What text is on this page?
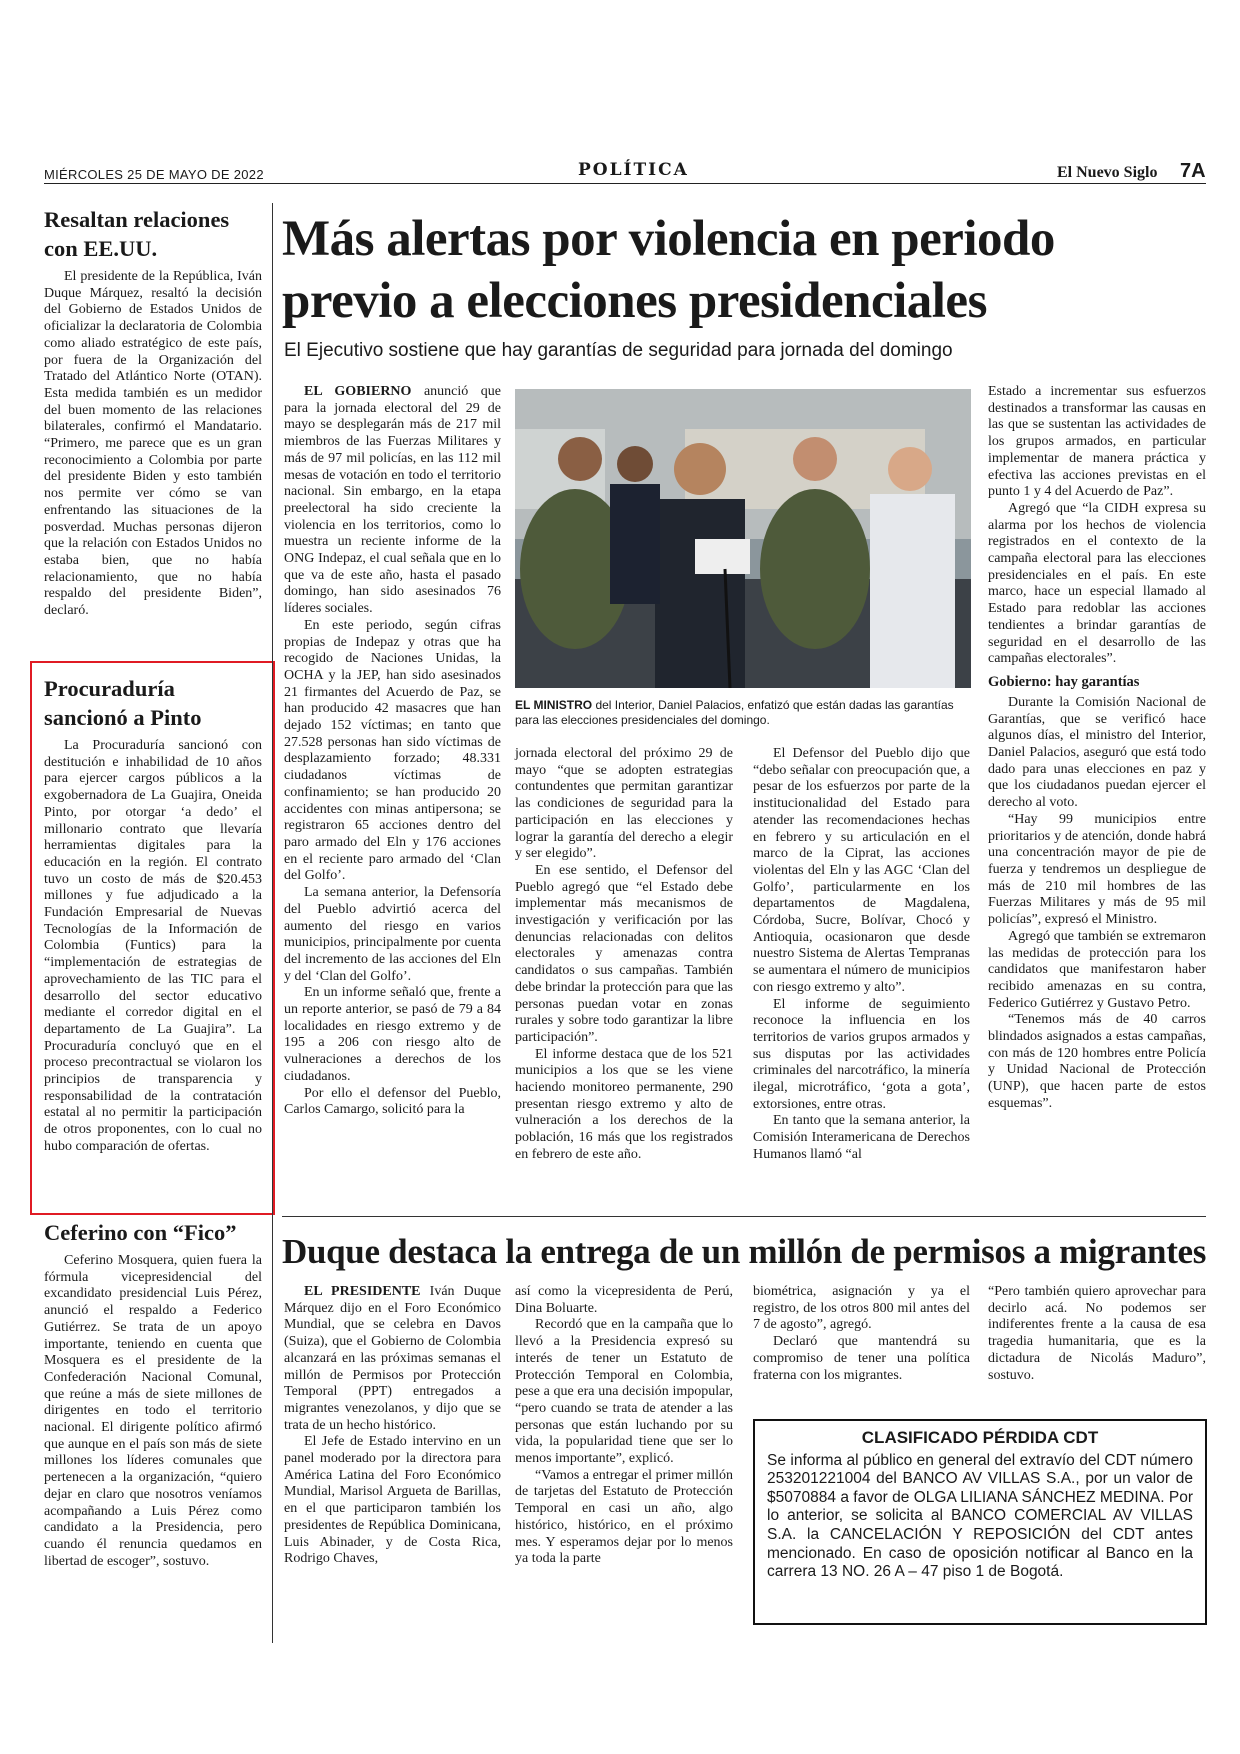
MIÉRCOLES 25 DE MAYO DE 2022	POLÍTICA	El Nuevo Siglo 7A
Resaltan relaciones
con EE.UU.

El presidente de la República, Iván Duque Márquez, resaltó la decisión del Gobierno de Estados Unidos de oficializar la declaratoria de Colombia como aliado estratégico de este país, por fuera de la Organización del Tratado del Atlántico Norte (OTAN). Esta medida también es un medidor del buen momento de las relaciones bilaterales, confirmó el Mandatario. “Primero, me parece que es un gran reconocimiento a Colombia por parte del presidente Biden y esto también nos permite ver cómo se van enfrentando las situaciones de la posverdad. Muchas personas dijeron que la relación con Estados Unidos no estaba bien, que no había relacionamiento, que no había respaldo del presidente Biden”, declaró.

Procuraduría
sancionó a Pinto

La Procuraduría sancionó con destitución e inhabilidad de 10 años para ejercer cargos públicos a la exgobernadora de La Guajira, Oneida Pinto, por otorgar ‘a dedo’ el millonario contrato que llevaría herramientas digitales para la educación en la región. El contrato tuvo un costo de más de $20.453 millones y fue adjudicado a la Fundación Empresarial de Nuevas Tecnologías de la Información de Colombia (Funtics) para la “implementación de estrategias de aprovechamiento de las TIC para el desarrollo del sector educativo mediante el corredor digital en el departamento de La Guajira”. La Procuraduría concluyó que en el proceso precontractual se violaron los principios de transparencia y responsabilidad de la contratación estatal al no permitir la participación de otros proponentes, con lo cual no hubo comparación de ofertas.

Ceferino con “Fico”

Ceferino Mosquera, quien fuera la fórmula vicepresidencial del excandidato presidencial Luis Pérez, anunció el respaldo a Federico Gutiérrez. Se trata de un apoyo importante, teniendo en cuenta que Mosquera es el presidente de la Confederación Nacional Comunal, que reúne a más de siete millones de dirigentes en todo el territorio nacional. El dirigente político afirmó que aunque en el país son más de siete millones los líderes comunales que pertenecen a la organización, “quiero dejar en claro que nosotros veníamos acompañando a Luis Pérez como candidato a la Presidencia, pero cuando él renuncia quedamos en libertad de escoger”, sostuvo.

Más alertas por violencia en periodo
previo a elecciones presidenciales
El Ejecutivo sostiene que hay garantías de seguridad para jornada del domingo

EL GOBIERNO anunció que para la jornada electoral del 29 de mayo se desplegarán más de 217 mil miembros de las Fuerzas Militares y más de 97 mil policías, en las 112 mil mesas de votación en todo el territorio nacional. Sin embargo, en la etapa preelectoral ha sido creciente la violencia en los territorios, como lo muestra un reciente informe de la ONG Indepaz, el cual señala que en lo que va de este año, hasta el pasado domingo, han sido asesinados 76 líderes sociales.

En este periodo, según cifras propias de Indepaz y otras que ha recogido de Naciones Unidas, la OCHA y la JEP, han sido asesinados 21 firmantes del Acuerdo de Paz, se han producido 42 masacres que han dejado 152 víctimas; en tanto que 27.528 personas han sido víctimas de desplazamiento forzado; 48.331 ciudadanos víctimas de confinamiento; se han producido 20 accidentes con minas antipersona; se registraron 65 acciones dentro del paro armado del Eln y 176 acciones en el reciente paro armado del ‘Clan del Golfo’.

La semana anterior, la Defensoría del Pueblo advirtió acerca del aumento del riesgo en varios municipios, principalmente por cuenta del incremento de las acciones del Eln y del ‘Clan del Golfo’.

En un informe señaló que, frente a un reporte anterior, se pasó de 79 a 84 localidades en riesgo extremo y de 195 a 206 con riesgo alto de vulneraciones a derechos de los ciudadanos.

Por ello el defensor del Pueblo, Carlos Camargo, solicitó para la

EL MINISTRO del Interior, Daniel Palacios, enfatizó que están dadas las garantías para las elecciones presidenciales del domingo.

jornada electoral del próximo 29 de mayo “que se adopten estrategias contundentes que permitan garantizar las condiciones de seguridad para la participación en las elecciones y lograr la garantía del derecho a elegir y ser elegido”.

En ese sentido, el Defensor del Pueblo agregó que “el Estado debe implementar más mecanismos de investigación y verificación por las denuncias relacionadas con delitos electorales y amenazas contra candidatos o sus campañas. También debe brindar la protección para que las personas puedan votar en zonas rurales y sobre todo garantizar la libre participación”.

El informe destaca que de los 521 municipios a los que se les viene haciendo monitoreo permanente, 290 presentan riesgo extremo y alto de vulneración a los derechos de la población, 16 más que los registrados en febrero de este año.

El Defensor del Pueblo dijo que “debo señalar con preocupación que, a pesar de los esfuerzos por parte de la institucionalidad del Estado para atender las recomendaciones hechas en febrero y su articulación en el marco de la Ciprat, las acciones violentas del Eln y las AGC ‘Clan del Golfo’, particularmente en los departamentos de Magdalena, Córdoba, Sucre, Bolívar, Chocó y Antioquia, ocasionaron que desde nuestro Sistema de Alertas Tempranas se aumentara el número de municipios con riesgo extremo y alto”.

El informe de seguimiento reconoce la influencia en los territorios de varios grupos armados y sus disputas por las actividades criminales del narcotráfico, la minería ilegal, microtráfico, ‘gota a gota’, extorsiones, entre otras.

En tanto que la semana anterior, la Comisión Interamericana de Derechos Humanos llamó “al

Estado a incrementar sus esfuerzos destinados a transformar las causas en las que se sustentan las actividades de los grupos armados, en particular implementar de manera práctica y efectiva las acciones previstas en el punto 1 y 4 del Acuerdo de Paz”.

Agregó que “la CIDH expresa su alarma por los hechos de violencia registrados en el contexto de la campaña electoral para las elecciones presidenciales en el país. En este marco, hace un especial llamado al Estado para redoblar las acciones tendientes a brindar garantías de seguridad en el desarrollo de las campañas electorales”.

Gobierno: hay garantías

Durante la Comisión Nacional de Garantías, que se verificó hace algunos días, el ministro del Interior, Daniel Palacios, aseguró que está todo dado para unas elecciones en paz y que los ciudadanos puedan ejercer el derecho al voto.

“Hay 99 municipios entre prioritarios y de atención, donde habrá una concentración mayor de pie de fuerza y tendremos un despliegue de más de 210 mil hombres de las Fuerzas Militares y más de 95 mil policías”, expresó el Ministro.

Agregó que también se extremaron las medidas de protección para los candidatos que manifestaron haber recibido amenazas en su contra, Federico Gutiérrez y Gustavo Petro.

“Tenemos más de 40 carros blindados asignados a estas campañas, con más de 120 hombres entre Policía y Unidad Nacional de Protección (UNP), que hacen parte de estos esquemas”.

Duque destaca la entrega de un millón de permisos a migrantes

EL PRESIDENTE Iván Duque Márquez dijo en el Foro Económico Mundial, que se celebra en Davos (Suiza), que el Gobierno de Colombia alcanzará en las próximas semanas el millón de Permisos por Protección Temporal (PPT) entregados a migrantes venezolanos, y dijo que se trata de un hecho histórico.

El Jefe de Estado intervino en un panel moderado por la directora para América Latina del Foro Económico Mundial, Marisol Argueta de Barillas, en el que participaron también los presidentes de República Dominicana, Luis Abinader, y de Costa Rica, Rodrigo Chaves,

así como la vicepresidenta de Perú, Dina Boluarte.

Recordó que en la campaña que lo llevó a la Presidencia expresó su interés de tener un Estatuto de Protección Temporal en Colombia, pese a que era una decisión impopular, “pero cuando se trata de atender a las personas que están luchando por su vida, la popularidad tiene que ser lo menos importante”, explicó.

“Vamos a entregar el primer millón de tarjetas del Estatuto de Protección Temporal en casi un año, algo histórico, histórico, en el próximo mes. Y esperamos dejar por lo menos ya toda la parte

biométrica, asignación y ya el registro, de los otros 800 mil antes del 7 de agosto”, agregó.

Declaró que mantendrá su compromiso de tener una política fraterna con los migrantes.

“Pero también quiero aprovechar para decirlo acá. No podemos ser indiferentes frente a la causa de esa tragedia humanitaria, que es la dictadura de Nicolás Maduro”, sostuvo.

CLASIFICADO PÉRDIDA CDT
Se informa al público en general del extravío del CDT número 253201221004 del BANCO AV VILLAS S.A., por un valor de $5070884 a favor de OLGA LILIANA SÁNCHEZ MEDINA. Por lo anterior, se solicita al BANCO COMERCIAL AV VILLAS S.A. la CANCELACIÓN Y REPOSICIÓN del CDT antes mencionado. En caso de oposición notificar al Banco en la carrera 13 NO. 26 A – 47 piso 1 de Bogotá.
